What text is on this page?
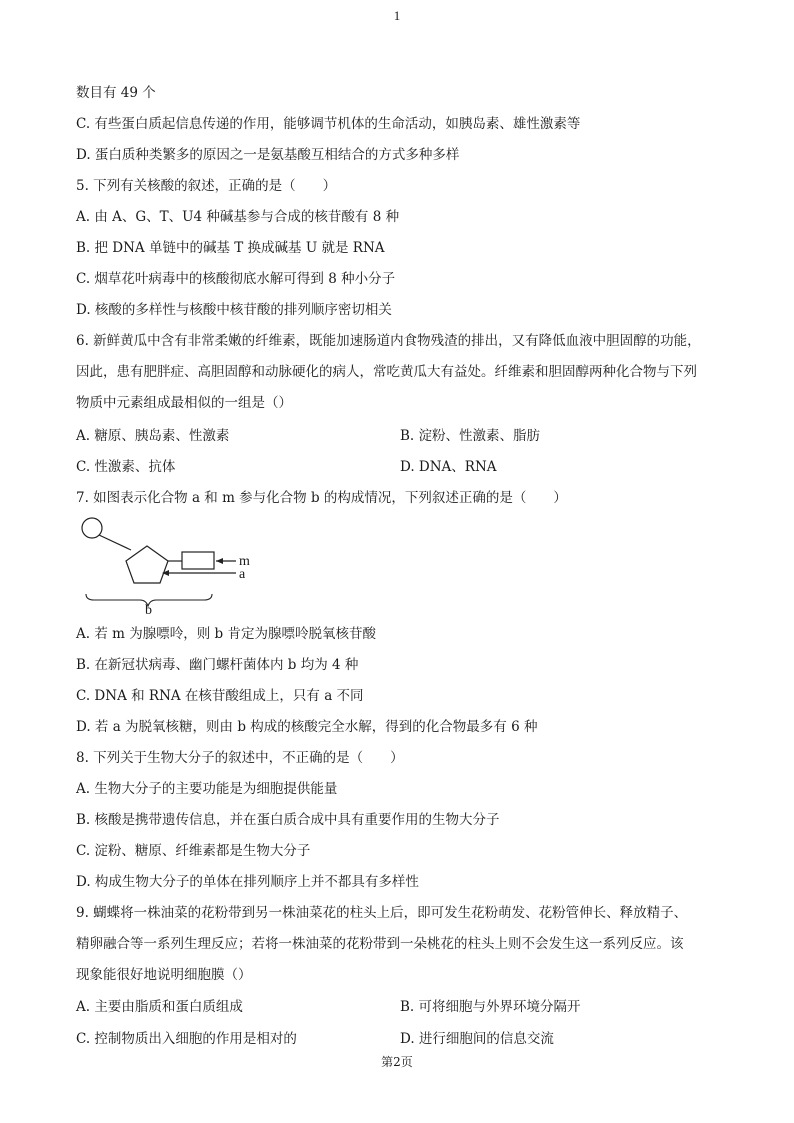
1
数目有 49 个
C. 有些蛋白质起信息传递的作用，能够调节机体的生命活动，如胰岛素、雄性激素等
D. 蛋白质种类繁多的原因之一是氨基酸互相结合的方式多种多样
5. 下列有关核酸的叙述，正确的是（　　）
A. 由 A、G、T、U4 种碱基参与合成的核苷酸有 8 种
B. 把 DNA 单链中的碱基 T 换成碱基 U 就是 RNA
C. 烟草花叶病毒中的核酸彻底水解可得到 8 种小分子
D. 核酸的多样性与核酸中核苷酸的排列顺序密切相关
6. 新鲜黄瓜中含有非常柔嫩的纤维素，既能加速肠道内食物残渣的排出，又有降低血液中胆固醇的功能，
因此，患有肥胖症、高胆固醇和动脉硬化的病人，常吃黄瓜大有益处。纤维素和胆固醇两种化合物与下列
物质中元素组成最相似的一组是（）
A. 糖原、胰岛素、性激素	B. 淀粉、性激素、脂肪
C. 性激素、抗体	D. DNA、RNA
7. 如图表示化合物 a 和 m 参与化合物 b 的构成情况，下列叙述正确的是（　　）
m
a
b
A. 若 m 为腺嘌呤，则 b 肯定为腺嘌呤脱氧核苷酸
B. 在新冠状病毒、幽门螺杆菌体内 b 均为 4 种
C. DNA 和 RNA 在核苷酸组成上，只有 a 不同
D. 若 a 为脱氧核糖，则由 b 构成的核酸完全水解，得到的化合物最多有 6 种
8. 下列关于生物大分子的叙述中，不正确的是（　　）
A. 生物大分子的主要功能是为细胞提供能量
B. 核酸是携带遗传信息，并在蛋白质合成中具有重要作用的生物大分子
C. 淀粉、糖原、纤维素都是生物大分子
D. 构成生物大分子的单体在排列顺序上并不都具有多样性
9. 蝴蝶将一株油菜的花粉带到另一株油菜花的柱头上后，即可发生花粉萌发、花粉管伸长、释放精子、
精卵融合等一系列生理反应；若将一株油菜的花粉带到一朵桃花的柱头上则不会发生这一系列反应。该
现象能很好地说明细胞膜（）
A. 主要由脂质和蛋白质组成	B. 可将细胞与外界环境分隔开
C. 控制物质出入细胞的作用是相对的	D. 进行细胞间的信息交流
第2页
